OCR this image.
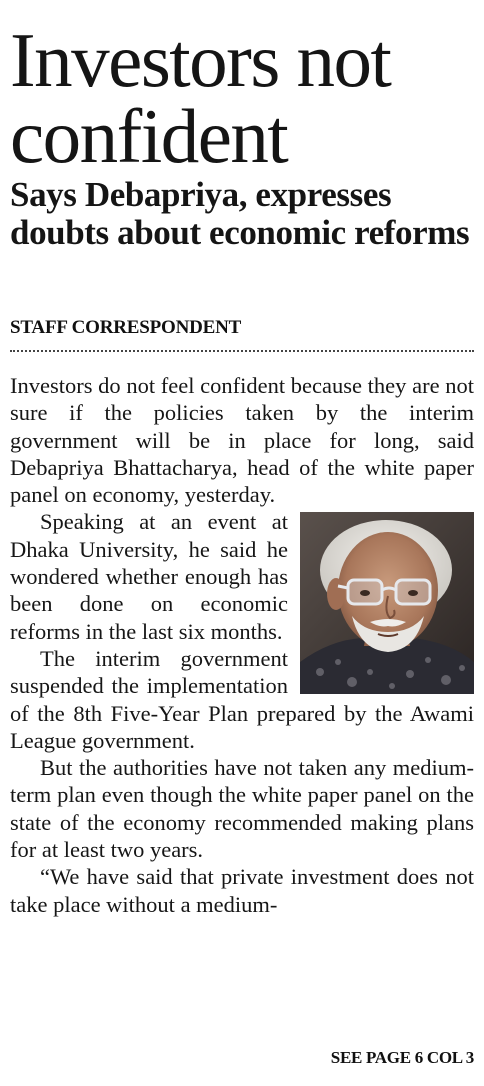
Investors not confident
Says Debapriya, expresses doubts about economic reforms
STAFF CORRESPONDENT

Investors do not feel confident because they are not sure if the policies taken by the interim government will be in place for long, said Debapriya Bhattacharya, head of the white paper panel on economy, yesterday.

Speaking at an event at Dhaka University, he said he wondered whether enough has been done on economic reforms in the last six months.

The interim government suspended the implementation of the 8th Five-Year Plan prepared by the Awami League government.

But the authorities have not taken any medium-term plan even though the white paper panel on the state of the economy recommended making plans for at least two years.

“We have said that private investment does not take place without a medium-

SEE PAGE 6 COL 3
